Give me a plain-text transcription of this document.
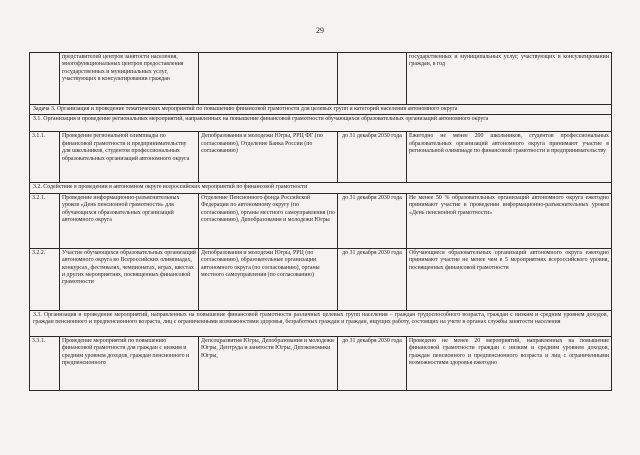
29
	представителей центров занятости населения, многофункциональных центров предоставления государственных и муниципальных услуг, участвующих в консультировании граждан			государственных и муниципальных услуг, участвующих в консультировании граждан, в год
Задача 3. Организация и проведение тематических мероприятий по повышению финансовой грамотности для целевых групп и категорий населения автономного округа				
3.1. Организация и проведение региональных мероприятий, направленных на повышение финансовой грамотности обучающихся образовательных организаций автономного округа				
3.1.1.	Проведение региональной олимпиады по финансовой грамотности и предпринимательству для школьников, студентов профессиональных образовательных организаций автономного округа	Депобразования и молодежи Югры, РРЦ ФГ (по согласованию), Отделение Банка России (по согласованию)	до 31 декабря 2030 года	Ежегодно не менее 200 школьников, студентов профессиональных образовательных организаций автономного округа принимают участие в региональной олимпиаде по финансовой грамотности и предпринимательству
3.2. Содействие в проведении в автономном округе всероссийских мероприятий по финансовой грамотности				
3.2.1.	Проведение информационно-разъяснительных уроков «День пенсионной грамотности» для обучающихся образовательных организаций автономного округа	Отделение Пенсионного фонда Российской Федерации по автономному округу (по согласованию), органы местного самоуправления (по согласованию), Депобразования и молодежи Югры	до 31 декабря 2030 года	Не менее 50 % образовательных организаций автономного округа ежегодно принимают участие в проведении информационно-разъяснительных уроков «День пенсионной грамотности»
3.2.2.	Участие обучающихся образовательных организаций автономного округа во Всероссийских олимпиадах, конкурсах, фестивалях, чемпионатах, играх, квестах и других мероприятиях, посвященных финансовой грамотности	Депобразования и молодежи Югры, РРЦ (по согласованию), образовательные организации автономного округа (по согласованию), органы местного самоуправления (по согласованию)	до 31 декабря 2030 года	Обучающиеся образовательных организаций автономного округа ежегодно принимают участие не менее чем в 5 мероприятиях всероссийского уровня, посвященных финансовой грамотности
3.3. Организация и проведение мероприятий, направленных на повышение финансовой грамотности различных целевых групп населения – граждан трудоспособного возраста, граждан с низким и средним уровнем доходов, граждан пенсионного и предпенсионного возраста, лиц с ограниченными возможностями здоровья, безработных граждан и граждан, ищущих работу, состоящих на учете в органах службы занятости населения				
3.3.1.	Проведение мероприятий по повышению финансовой грамотности для граждан с низким и средним уровнем доходов, граждан пенсионного и предпенсионного	Депсоцразвития Югры, Депобразования и молодежи Югры, Дептруда и занятости Югры, Депэкономики Югры,	до 31 декабря 2030 года	Проведено не менее 20 мероприятий, направленных на повышение финансовой грамотности граждан с низким и средним уровнем доходов, граждан пенсионного и предпенсионного возраста и лиц с ограниченными возможностями здоровья ежегодно
